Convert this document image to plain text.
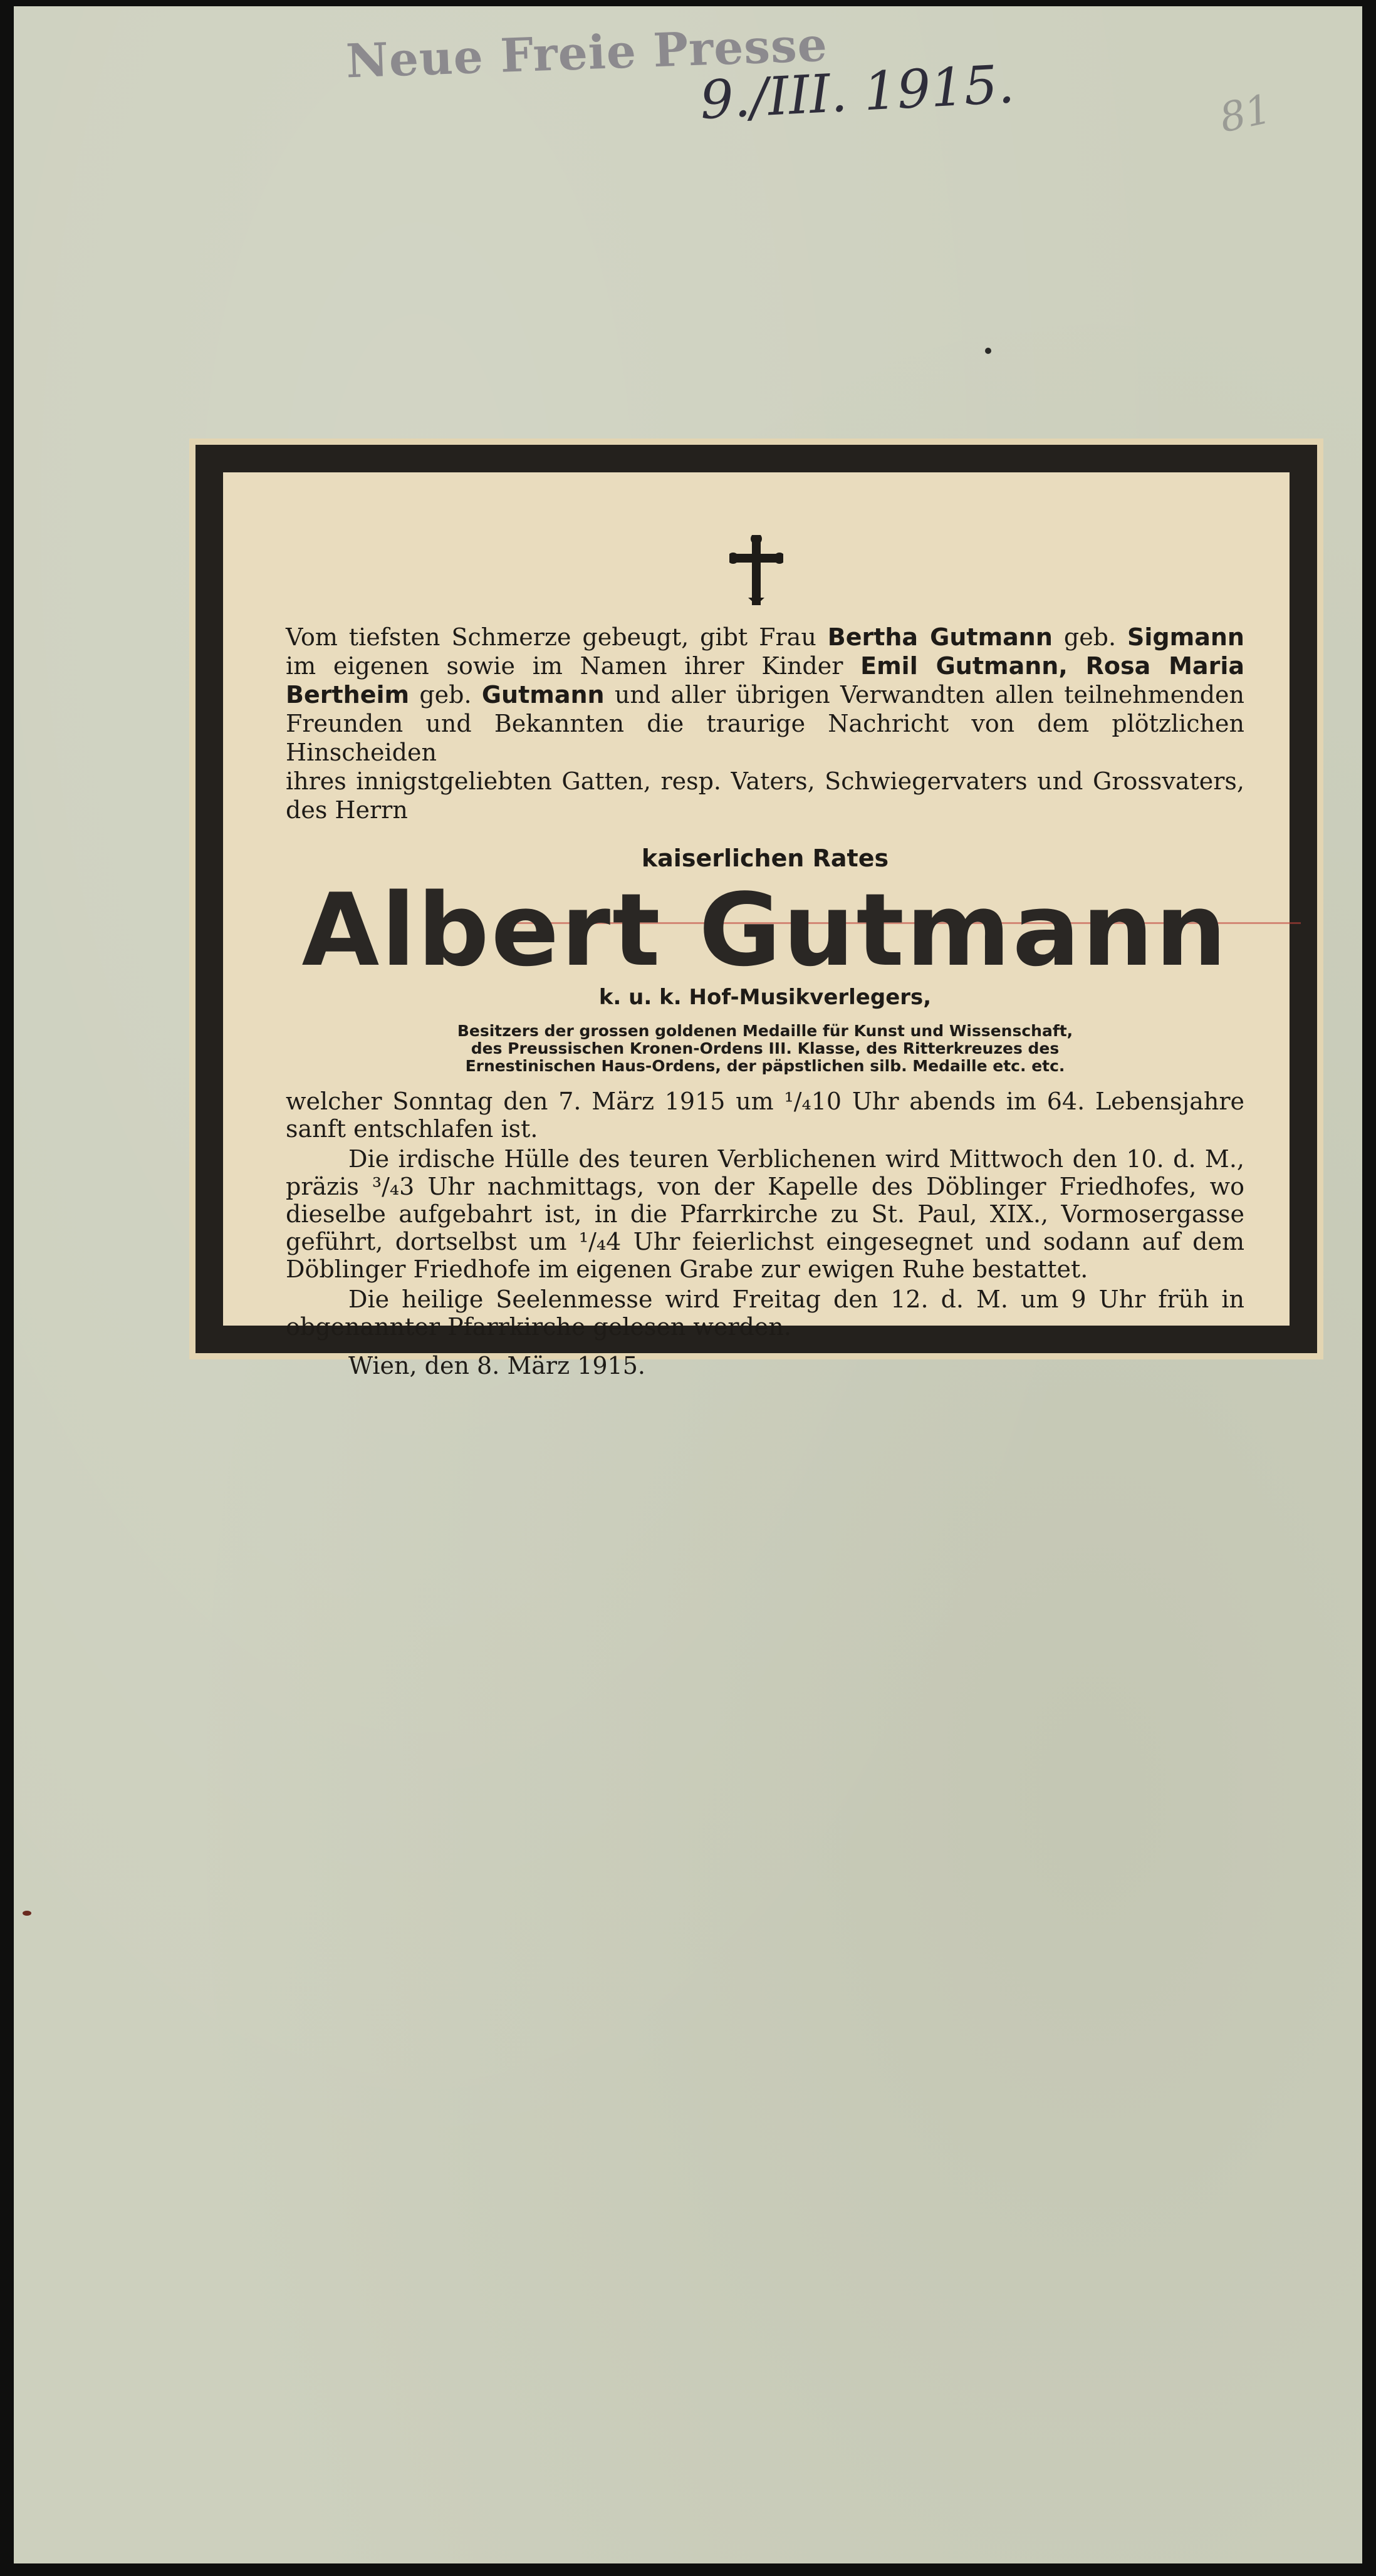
Neue Freie Presse
9./III. 1915.	81
Vom tiefsten Schmerze gebeugt, gibt Frau Bertha Gutmann geb. Sigmann
im eigenen sowie im Namen ihrer Kinder Emil Gutmann, Rosa Maria
Bertheim geb. Gutmann und aller übrigen Verwandten allen teilnehmenden
Freunden und Bekannten die traurige Nachricht von dem plötzlichen Hinscheiden
ihres innigstgeliebten Gatten, resp. Vaters, Schwiegervaters und Grossvaters, des Herrn
kaiserlichen Rates
Albert Gutmann
k. u. k. Hof-Musikverlegers,
Besitzers der grossen goldenen Medaille für Kunst und Wissenschaft,
des Preussischen Kronen-Ordens III. Klasse, des Ritterkreuzes des
Ernestinischen Haus-Ordens, der päpstlichen silb. Medaille etc. etc.
welcher Sonntag den 7. März 1915 um ¹/₄10 Uhr abends im 64. Lebensjahre sanft entschlafen ist.
Die irdische Hülle des teuren Verblichenen wird Mittwoch den 10. d. M., präzis ³/₄3 Uhr nachmittags, von der Kapelle des Döblinger Friedhofes, wo dieselbe aufgebahrt ist, in die Pfarrkirche zu St. Paul, XIX., Vormosergasse geführt, dortselbst um ¹/₄4 Uhr feierlichst eingesegnet und sodann auf dem Döblinger Friedhofe im eigenen Grabe zur ewigen Ruhe bestattet.
Die heilige Seelenmesse wird Freitag den 12. d. M. um 9 Uhr früh in obgenannter Pfarrkirche gelesen werden.
Wien, den 8. März 1915.
